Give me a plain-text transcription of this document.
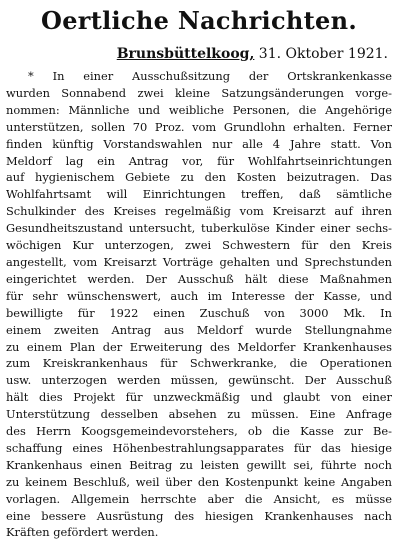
Oertliche Nachrichten.
Brunsbüttelkoog, 31. Oktober 1921.
* In einer Ausschußsitzung der Ortskrankenkasse
wurden Sonnabend zwei kleine Satzungsänderungen vorge-
nommen: Männliche und weibliche Personen, die Angehörige
unterstützen, sollen 70 Proz. vom Grundlohn erhalten. Ferner
finden künftig Vorstandswahlen nur alle 4 Jahre statt. Von
Meldorf lag ein Antrag vor, für Wohlfahrtseinrichtungen
auf hygienischem Gebiete zu den Kosten beizutragen. Das
Wohlfahrtsamt will Einrichtungen treffen, daß sämtliche
Schulkinder des Kreises regelmäßig vom Kreisarzt auf ihren
Gesundheitszustand untersucht, tuberkulöse Kinder einer sechs-
wöchigen Kur unterzogen, zwei Schwestern für den Kreis
angestellt, vom Kreisarzt Vorträge gehalten und Sprechstunden
eingerichtet werden. Der Ausschuß hält diese Maßnahmen
für sehr wünschenswert, auch im Interesse der Kasse, und
bewilligte für 1922 einen Zuschuß von 3000 Mk. In
einem zweiten Antrag aus Meldorf wurde Stellungnahme
zu einem Plan der Erweiterung des Meldorfer Krankenhauses
zum Kreiskrankenhaus für Schwerkranke, die Operationen
usw. unterzogen werden müssen, gewünscht. Der Ausschuß
hält dies Projekt für unzweckmäßig und glaubt von einer
Unterstützung desselben absehen zu müssen. Eine Anfrage
des Herrn Koogsgemeindevorstehers, ob die Kasse zur Be-
schaffung eines Höhenbestrahlungsapparates für das hiesige
Krankenhaus einen Beitrag zu leisten gewillt sei, führte noch
zu keinem Beschluß, weil über den Kostenpunkt keine Angaben
vorlagen. Allgemein herrschte aber die Ansicht, es müsse
eine bessere Ausrüstung des hiesigen Krankenhauses nach
Kräften gefördert werden.
